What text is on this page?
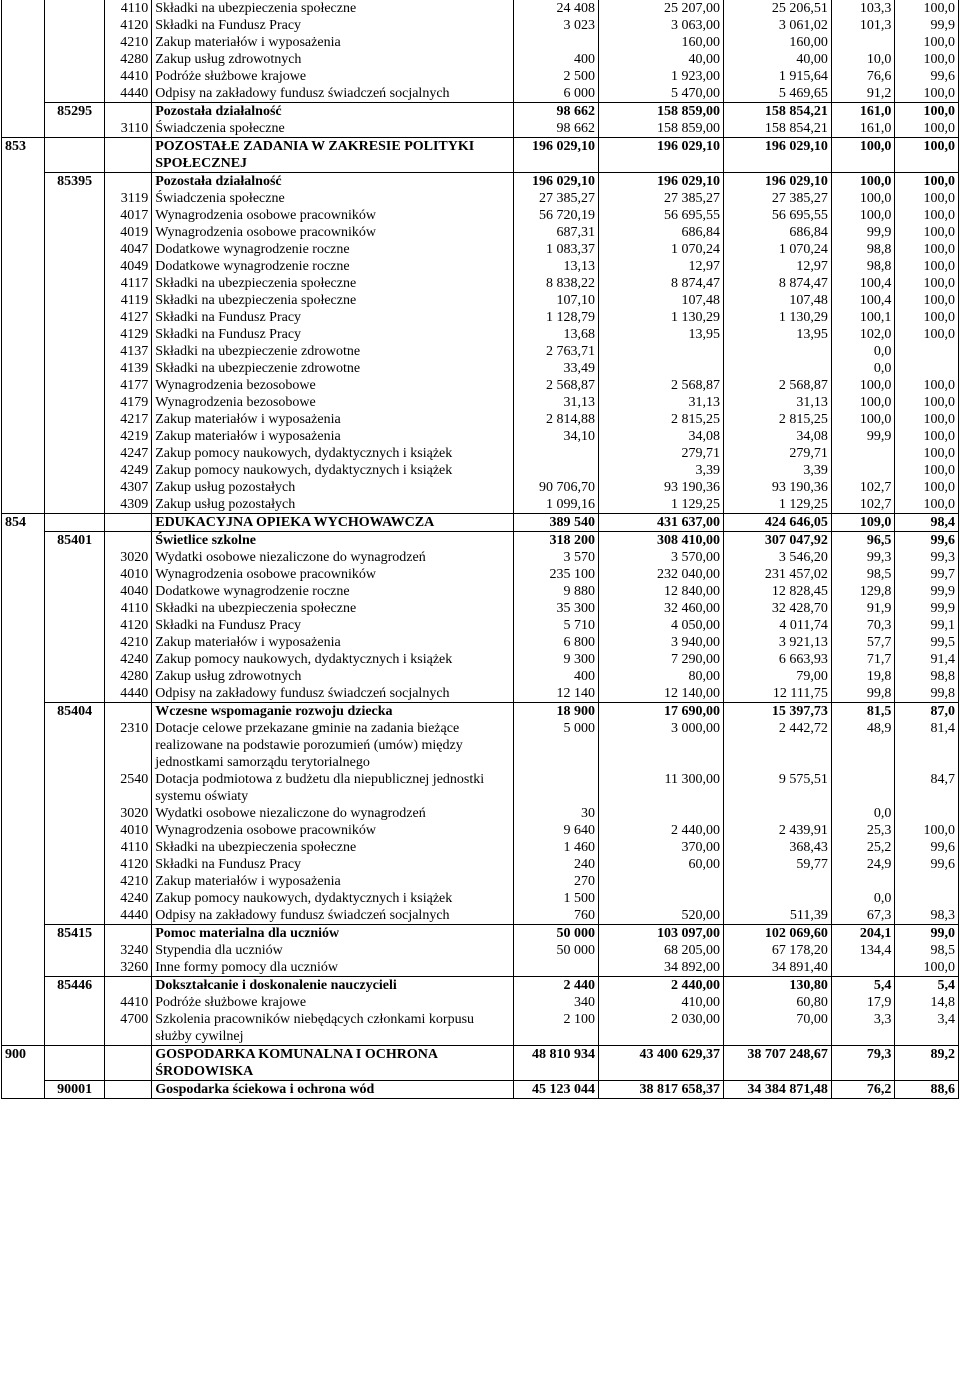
		4110	Składki na ubezpieczenia społeczne	24 408	25 207,00	25 206,51	103,3	100,0
		4120	Składki na Fundusz Pracy	3 023	3 063,00	3 061,02	101,3	99,9
		4210	Zakup materiałów i wyposażenia		160,00	160,00		100,0
		4280	Zakup usług zdrowotnych	400	40,00	40,00	10,0	100,0
		4410	Podróże służbowe krajowe	2 500	1 923,00	1 915,64	76,6	99,6
		4440	Odpisy na zakładowy fundusz świadczeń socjalnych	6 000	5 470,00	5 469,65	91,2	100,0
	85295		Pozostała działalność	98 662	158 859,00	158 854,21	161,0	100,0
		3110	Świadczenia społeczne	98 662	158 859,00	158 854,21	161,0	100,0
853			POZOSTAŁE ZADANIA W ZAKRESIE POLITYKI SPOŁECZNEJ	196 029,10	196 029,10	196 029,10	100,0	100,0
	85395		Pozostała działalność	196 029,10	196 029,10	196 029,10	100,0	100,0
		3119	Świadczenia społeczne	27 385,27	27 385,27	27 385,27	100,0	100,0
		4017	Wynagrodzenia osobowe pracowników	56 720,19	56 695,55	56 695,55	100,0	100,0
		4019	Wynagrodzenia osobowe pracowników	687,31	686,84	686,84	99,9	100,0
		4047	Dodatkowe wynagrodzenie roczne	1 083,37	1 070,24	1 070,24	98,8	100,0
		4049	Dodatkowe wynagrodzenie roczne	13,13	12,97	12,97	98,8	100,0
		4117	Składki na ubezpieczenia społeczne	8 838,22	8 874,47	8 874,47	100,4	100,0
		4119	Składki na ubezpieczenia społeczne	107,10	107,48	107,48	100,4	100,0
		4127	Składki na Fundusz Pracy	1 128,79	1 130,29	1 130,29	100,1	100,0
		4129	Składki na Fundusz Pracy	13,68	13,95	13,95	102,0	100,0
		4137	Składki na ubezpieczenie zdrowotne	2 763,71			0,0	
		4139	Składki na ubezpieczenie zdrowotne	33,49			0,0	
		4177	Wynagrodzenia bezosobowe	2 568,87	2 568,87	2 568,87	100,0	100,0
		4179	Wynagrodzenia bezosobowe	31,13	31,13	31,13	100,0	100,0
		4217	Zakup materiałów i wyposażenia	2 814,88	2 815,25	2 815,25	100,0	100,0
		4219	Zakup materiałów i wyposażenia	34,10	34,08	34,08	99,9	100,0
		4247	Zakup pomocy naukowych, dydaktycznych i książek		279,71	279,71		100,0
		4249	Zakup pomocy naukowych, dydaktycznych i książek		3,39	3,39		100,0
		4307	Zakup usług pozostałych	90 706,70	93 190,36	93 190,36	102,7	100,0
		4309	Zakup usług pozostałych	1 099,16	1 129,25	1 129,25	102,7	100,0
854			EDUKACYJNA OPIEKA WYCHOWAWCZA	389 540	431 637,00	424 646,05	109,0	98,4
	85401		Świetlice szkolne	318 200	308 410,00	307 047,92	96,5	99,6
		3020	Wydatki osobowe niezaliczone do wynagrodzeń	3 570	3 570,00	3 546,20	99,3	99,3
		4010	Wynagrodzenia osobowe pracowników	235 100	232 040,00	231 457,02	98,5	99,7
		4040	Dodatkowe wynagrodzenie roczne	9 880	12 840,00	12 828,45	129,8	99,9
		4110	Składki na ubezpieczenia społeczne	35 300	32 460,00	32 428,70	91,9	99,9
		4120	Składki na Fundusz Pracy	5 710	4 050,00	4 011,74	70,3	99,1
		4210	Zakup materiałów i wyposażenia	6 800	3 940,00	3 921,13	57,7	99,5
		4240	Zakup pomocy naukowych, dydaktycznych i książek	9 300	7 290,00	6 663,93	71,7	91,4
		4280	Zakup usług zdrowotnych	400	80,00	79,00	19,8	98,8
		4440	Odpisy na zakładowy fundusz świadczeń socjalnych	12 140	12 140,00	12 111,75	99,8	99,8
	85404		Wczesne wspomaganie rozwoju dziecka	18 900	17 690,00	15 397,73	81,5	87,0
		2310	Dotacje celowe przekazane gminie na zadania bieżące realizowane na podstawie porozumień (umów) między jednostkami samorządu terytorialnego	5 000	3 000,00	2 442,72	48,9	81,4
		2540	Dotacja podmiotowa z budżetu dla niepublicznej jednostki systemu oświaty		11 300,00	9 575,51		84,7
		3020	Wydatki osobowe niezaliczone do wynagrodzeń	30			0,0	
		4010	Wynagrodzenia osobowe pracowników	9 640	2 440,00	2 439,91	25,3	100,0
		4110	Składki na ubezpieczenia społeczne	1 460	370,00	368,43	25,2	99,6
		4120	Składki na Fundusz Pracy	240	60,00	59,77	24,9	99,6
		4210	Zakup materiałów i wyposażenia	270				
		4240	Zakup pomocy naukowych, dydaktycznych i książek	1 500			0,0	
		4440	Odpisy na zakładowy fundusz świadczeń socjalnych	760	520,00	511,39	67,3	98,3
	85415		Pomoc materialna dla uczniów	50 000	103 097,00	102 069,60	204,1	99,0
		3240	Stypendia dla uczniów	50 000	68 205,00	67 178,20	134,4	98,5
		3260	Inne formy pomocy dla uczniów		34 892,00	34 891,40		100,0
	85446		Dokształcanie i doskonalenie nauczycieli	2 440	2 440,00	130,80	5,4	5,4
		4410	Podróże służbowe krajowe	340	410,00	60,80	17,9	14,8
		4700	Szkolenia pracowników niebędących członkami korpusu służby cywilnej	2 100	2 030,00	70,00	3,3	3,4
900			GOSPODARKA KOMUNALNA I OCHRONA ŚRODOWISKA	48 810 934	43 400 629,37	38 707 248,67	79,3	89,2
	90001		Gospodarka ściekowa i ochrona wód	45 123 044	38 817 658,37	34 384 871,48	76,2	88,6
